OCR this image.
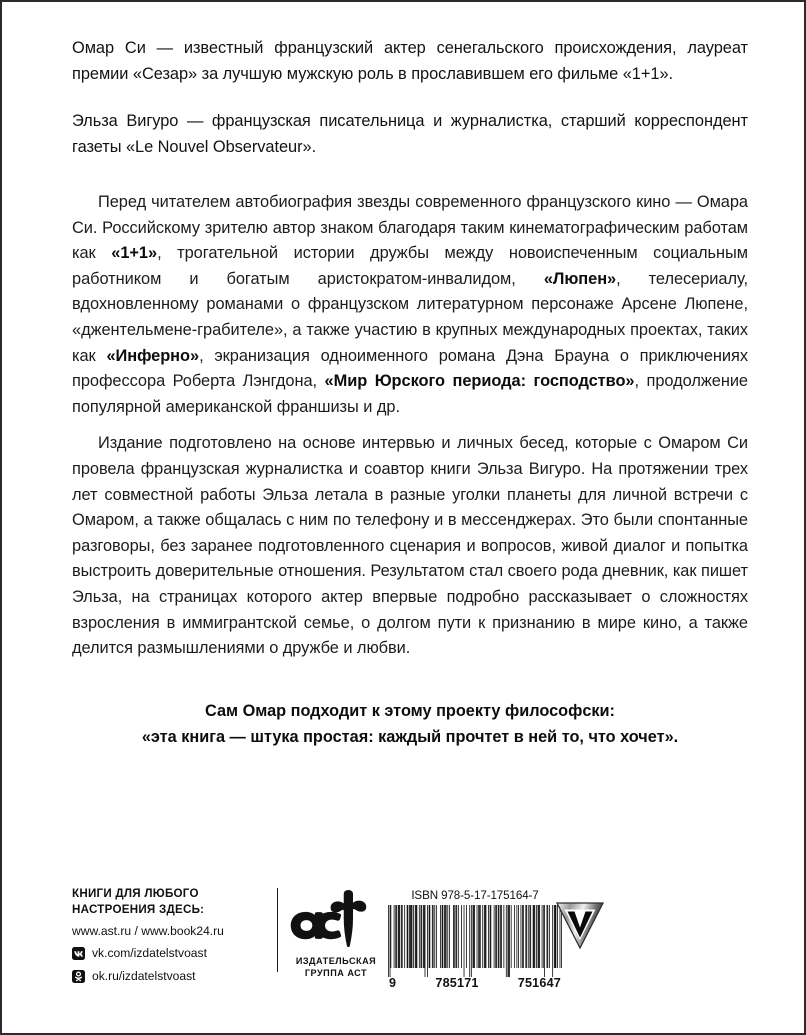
Омар Си — известный французский актер сенегальского происхождения, лауреат премии «Сезар» за лучшую мужскую роль в прославившем его фильме «1+1».

Эльза Вигуро — французская писательница и журналистка, старший корреспондент газеты «Le Nouvel Observateur».

Перед читателем автобиография звезды современного французского кино — Омара Си. Российскому зрителю автор знаком благодаря таким кинематографическим работам как «1+1», трогательной истории дружбы между новоиспеченным социальным работником и богатым аристократом-инвалидом, «Люпен», телесериалу, вдохновленному романами о французском литературном персонаже Арсене Люпене, «джентельмене-грабителе», а также участию в крупных международных проектах, таких как «Инферно», экранизация одноименного романа Дэна Брауна о приключениях профессора Роберта Лэнгдона, «Мир Юрского периода: господство», продолжение популярной американской франшизы и др.

Издание подготовлено на основе интервью и личных бесед, которые с Омаром Си провела французская журналистка и соавтор книги Эльза Вигуро. На протяжении трех лет совместной работы Эльза летала в разные уголки планеты для личной встречи с Омаром, а также общалась с ним по телефону и в мессенджерах. Это были спонтанные разговоры, без заранее подготовленного сценария и вопросов, живой диалог и попытка выстроить доверительные отношения. Результатом стал своего рода дневник, как пишет Эльза, на страницах которого актер впервые подробно рассказывает о сложностях взросления в иммигрантской семье, о долгом пути к признанию в мире кино, а также делится размышлениями о дружбе и любви.

Сам Омар подходит к этому проекту философски:
«эта книга — штука простая: каждый прочтет в ней то, что хочет».
КНИГИ ДЛЯ ЛЮБОГО
НАСТРОЕНИЯ ЗДЕСЬ:
www.ast.ru / www.book24.ru
vk.com/izdatelstvoast
ok.ru/izdatelstvoast
ИЗДАТЕЛЬСКАЯ
ГРУППА АСТ
ISBN 978-5-17-175164-7
9	785171	751647
